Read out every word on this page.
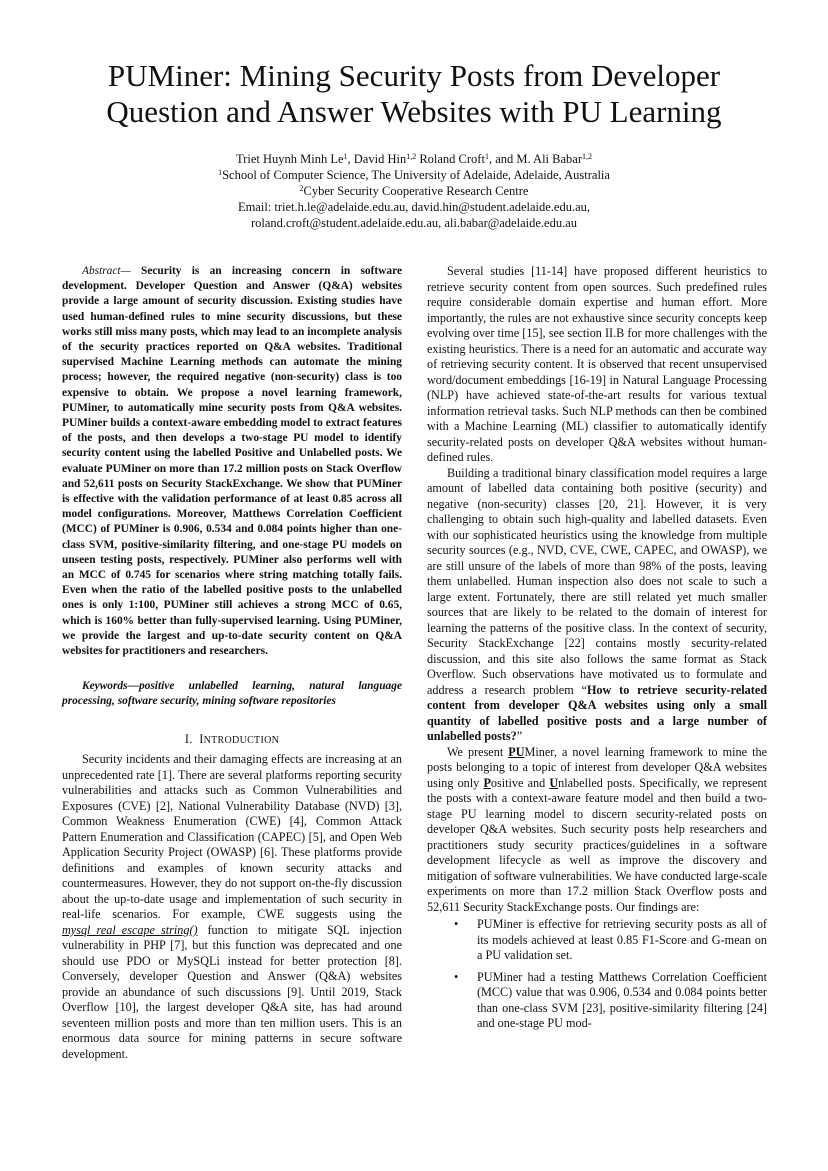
PUMiner: Mining Security Posts from Developer
Question and Answer Websites with PU Learning
Triet Huynh Minh Le$^1$, David Hin$^{1,2}$ Roland Croft$^1$, and M. Ali Babar$^{1,2}$
$^1$School of Computer Science, The University of Adelaide, Adelaide, Australia
$^2$Cyber Security Cooperative Research Centre
Email: triet.h.le@adelaide.edu.au, david.hin@student.adelaide.edu.au,
roland.croft@student.adelaide.edu.au, ali.babar@adelaide.edu.au

Abstract— Security is an increasing concern in software development. Developer Question and Answer (Q&A) websites provide a large amount of security discussion. Existing studies have used human-defined rules to mine security discussions, but these works still miss many posts, which may lead to an incomplete analysis of the security practices reported on Q&A websites. Traditional supervised Machine Learning methods can automate the mining process; however, the required negative (non-security) class is too expensive to obtain. We propose a novel learning framework, PUMiner, to automatically mine security posts from Q&A websites. PUMiner builds a context-aware embedding model to extract features of the posts, and then develops a two-stage PU model to identify security content using the labelled Positive and Unlabelled posts. We evaluate PUMiner on more than 17.2 million posts on Stack Overflow and 52,611 posts on Security StackExchange. We show that PUMiner is effective with the validation performance of at least 0.85 across all model configurations. Moreover, Matthews Correlation Coefficient (MCC) of PUMiner is 0.906, 0.534 and 0.084 points higher than one-class SVM, positive-similarity filtering, and one-stage PU models on unseen testing posts, respectively. PUMiner also performs well with an MCC of 0.745 for scenarios where string matching totally fails. Even when the ratio of the labelled positive posts to the unlabelled ones is only 1:100, PUMiner still achieves a strong MCC of 0.65, which is 160% better than fully-supervised learning. Using PUMiner, we provide the largest and up-to-date security content on Q&A websites for practitioners and researchers.

Keywords—positive unlabelled learning, natural language processing, software security, mining software repositories

I. INTRODUCTION

Security incidents and their damaging effects are increasing at an unprecedented rate [1]. There are several platforms reporting security vulnerabilities and attacks such as Common Vulnerabilities and Exposures (CVE) [2], National Vulnerability Database (NVD) [3], Common Weakness Enumeration (CWE) [4], Common Attack Pattern Enumeration and Classification (CAPEC) [5], and Open Web Application Security Project (OWASP) [6]. These platforms provide definitions and examples of known security attacks and countermeasures. However, they do not support on-the-fly discussion about the up-to-date usage and implementation of such security in real-life scenarios. For example, CWE suggests using the mysql_real_escape_string() function to mitigate SQL injection vulnerability in PHP [7], but this function was deprecated and one should use PDO or MySQLi instead for better protection [8]. Conversely, developer Question and Answer (Q&A) websites provide an abundance of such discussions [9]. Until 2019, Stack Overflow [10], the largest developer Q&A site, has had around seventeen million posts and more than ten million users. This is an enormous data source for mining patterns in secure software development.

Several studies [11-14] have proposed different heuristics to retrieve security content from open sources. Such predefined rules require considerable domain expertise and human effort. More importantly, the rules are not exhaustive since security concepts keep evolving over time [15], see section II.B for more challenges with the existing heuristics. There is a need for an automatic and accurate way of retrieving security content. It is observed that recent unsupervised word/document embeddings [16-19] in Natural Language Processing (NLP) have achieved state-of-the-art results for various textual information retrieval tasks. Such NLP methods can then be combined with a Machine Learning (ML) classifier to automatically identify security-related posts on developer Q&A websites without human-defined rules.

Building a traditional binary classification model requires a large amount of labelled data containing both positive (security) and negative (non-security) classes [20, 21]. However, it is very challenging to obtain such high-quality and labelled datasets. Even with our sophisticated heuristics using the knowledge from multiple security sources (e.g., NVD, CVE, CWE, CAPEC, and OWASP), we are still unsure of the labels of more than 98% of the posts, leaving them unlabelled. Human inspection also does not scale to such a large extent. Fortunately, there are still related yet much smaller sources that are likely to be related to the domain of interest for learning the patterns of the positive class. In the context of security, Security StackExchange [22] contains mostly security-related discussion, and this site also follows the same format as Stack Overflow. Such observations have motivated us to formulate and address a research problem “How to retrieve security-related content from developer Q&A websites using only a small quantity of labelled positive posts and a large number of unlabelled posts?”

We present PUMiner, a novel learning framework to mine the posts belonging to a topic of interest from developer Q&A websites using only Positive and Unlabelled posts. Specifically, we represent the posts with a context-aware feature model and then build a two-stage PU learning model to discern security-related posts on developer Q&A websites. Such security posts help researchers and practitioners study security practices/guidelines in a software development lifecycle as well as improve the discovery and mitigation of software vulnerabilities. We have conducted large-scale experiments on more than 17.2 million Stack Overflow posts and 52,611 Security StackExchange posts. Our findings are:

• PUMiner is effective for retrieving security posts as all of its models achieved at least 0.85 F1-Score and G-mean on a PU validation set.
• PUMiner had a testing Matthews Correlation Coefficient (MCC) value that was 0.906, 0.534 and 0.084 points better than one-class SVM [23], positive-similarity filtering [24] and one-stage PU mod-
